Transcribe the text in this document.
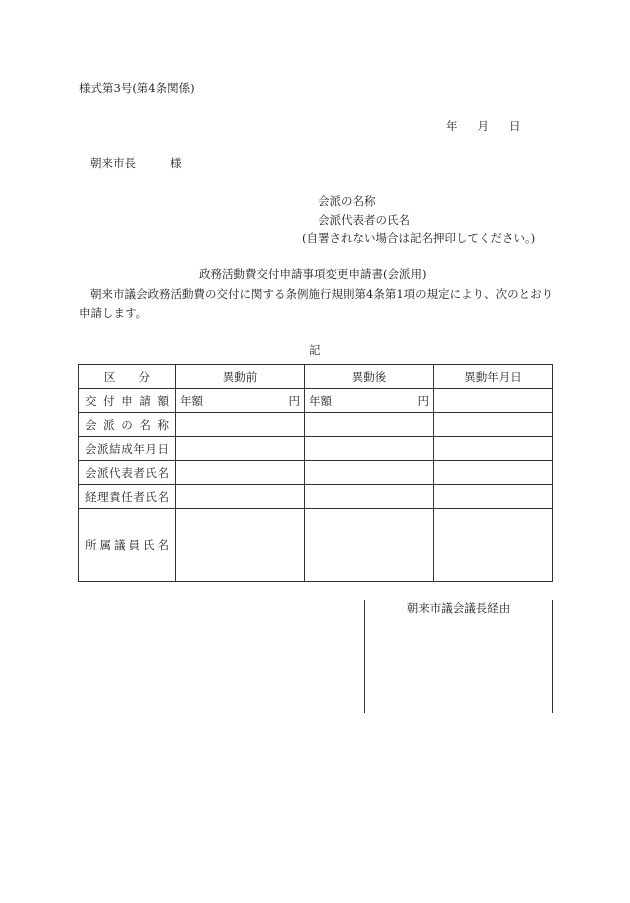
様式第3号(第4条関係)
年 月 日
朝来市長	様
会派の名称
会派代表者の氏名
(自署されない場合は記名押印してください。)
政務活動費交付申請事項変更申請書(会派用)
朝来市議会政務活動費の交付に関する条例施行規則第4条第1項の規定により、次のとおり申請します。
記
区　　分	異動前	異動後	異動年月日
交付申請額	年額 円	年額 円	

会派の名称			
会派結成年月日			
会派代表者氏名			
経理責任者氏名			
所属議員氏名			
朝来市議会議長経由
